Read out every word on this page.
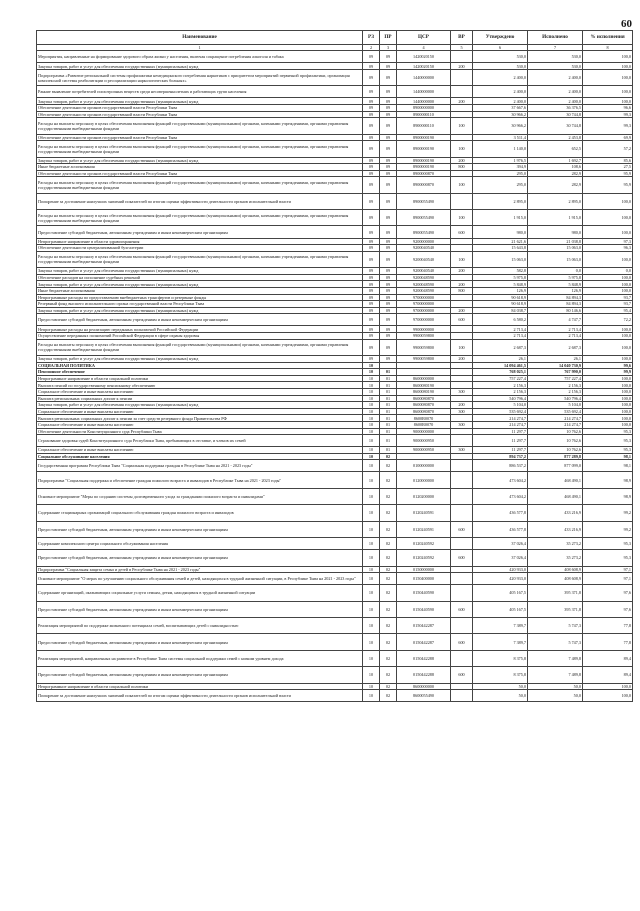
60
Наименование	РЗ	ПР	ЦСР	ВР	Утверждено	Исполнено	% исполнения
1	2	3	4	5	6	7	8
Мероприятия, направленные на формирование здорового образа жизни у населения, включая сокращение потребления алкоголя и табака	09	09	1420020150		530,0	530,0	100,0
Закупка товаров, работ и услуг для обеспечения государственных (муниципальных) нужд	09	09	1420020150	200	530,0	530,0	100,0
Подпрограмма «Развитие региональной системы профилактики немедицинского потребления наркотиков с приоритетом мероприятий первичной профилактики, организация комплексной системы реабилитации и ресоциализации наркологических больных»	09	09	1440000000		2 400,0	2 400,0	100,0
Ранние выявление потребителей психотропных веществ среди несовершеннолетних и работающих групп населения	09	09	1440000000		2 400,0	2 400,0	100,0
Закупка товаров, работ и услуг для обеспечения государственных (муниципальных) нужд	09	09	1440000000	200	2 400,0	2 400,0	100,0
Обеспечение деятельности органов государственной власти Республики Тыва	09	09	8900000000		37 667,6	36 376,5	96,6
Обеспечение деятельности органов государственной власти Республики Тыва	09	09	8900000110		30 966,2	30 744,8	99,3
Расходы на выплаты персоналу в целях обеспечения выполнения функций государственными (муниципальными) органами, казенными учреждениями, органами управления государственными внебюджетными фондами	09	09	8900000110	100	30 966,2	30 744,8	99,3
Обеспечение деятельности органов государственной власти Республики Тыва	09	09	8900000190		3 511,4	2 453,8	69,9
Расходы на выплаты персоналу в целях обеспечения выполнения функций государственными (муниципальными) органами, казенными учреждениями, органами управления государственными внебюджетными фондами	09	09	8900000190	100	1 140,0	652,5	57,2
Закупка товаров, работ и услуг для обеспечения государственных (муниципальных) нужд	09	09	8900000190	200	1 976,5	1 692,7	85,6
Иные бюджетные ассигнования	09	09	8900000190	800	394,9	108,6	27,5
Обеспечение деятельности органов государственной власти Республики Тыва	09	09	8900000870		295,0	282,9	95,9
Расходы на выплаты персоналу в целях обеспечения выполнения функций государственными (муниципальными) органами, казенными учреждениями, органами управления государственными внебюджетными фондами	09	09	8900000870	100	295,0	282,9	95,9
Поощрение за достижение наилучших значений показателей по итогам оценки эффективности деятельности органов исполнительной власти	09	09	8900055490		2 895,0	2 895,0	100,0
Расходы на выплаты персоналу в целях обеспечения выполнения функций государственными (муниципальными) органами, казенными учреждениями, органами управления государственными внебюджетными фондами	09	09	8900055490	100	1 915,0	1 915,0	100,0
Предоставление субсидий бюджетным, автономным учреждениям и иным некоммерческим организациям	09	09	8900055490	600	980,0	980,0	100,0
Непрограммное направление в области здравоохранения	09	09	9200000000		21 621,6	21 038,8	97,3
Обеспечение деятельности централизованной бухгалтерии	09	09	9200040540		15 643,8	15 063,0	96,3
Расходы на выплаты персоналу в целях обеспечения выполнения функций государственными (муниципальными) органами, казенными учреждениями, органами управления государственными внебюджетными фондами	09	09	9200040540	100	15 063,0	15 063,0	100,0
Закупка товаров, работ и услуг для обеспечения государственных (муниципальных) нужд	09	09	9200040540	200	582,8	0,0	0,0
Обеспечение расходов на исполнение судебных решений	09	09	9200048590		5 975,8	5 975,8	100,0
Закупка товаров, работ и услуг для обеспечения государственных (муниципальных) нужд	09	09	9200048590	200	5 848,9	5 848,9	100,0
Иные бюджетные ассигнования	09	09	9200048590	800	126,9	126,9	100,0
Непрограммные расходы по предоставлению внебюджетных трансфертов и резервные фонды	09	09	9700000000		90 618,9	84 894,3	93,7
Резервный фонд высшего исполнительного органа государственной власти Республики Тыва	09	09	9700000000		90 618,9	84 894,3	93,7
Закупка товаров, работ и услуг для обеспечения государственных (муниципальных) нужд	09	09	9700000000	200	84 038,7	80 146,6	95,4
Предоставление субсидий бюджетным, автономным учреждениям и иным некоммерческим организациям	09	09	9700000000	600	6 580,2	4 747,7	72,2
Непрограммные расходы на реализацию переданных полномочий Российской Федерации	09	09	9900000000		2 713,4	2 713,4	100,0
Осуществление переданных полномочий Российской Федерации в сфере охраны здоровья	09	09	9900059800		2 713,4	2 713,4	100,0
Расходы на выплаты персоналу в целях обеспечения выполнения функций государственными (муниципальными) органами, казенными учреждениями, органами управления государственными внебюджетными фондами	09	09	9900059800	100	2 687,3	2 687,3	100,0
Закупка товаров, работ и услуг для обеспечения государственных (муниципальных) нужд	09	09	9900059800	200	26,1	26,1	100,0
СОЦИАЛЬНАЯ ПОЛИТИКА	10				14 094 461,5	14 040 730,9	99,6
Пенсионное обеспечение	10	01			768 025,1	767 990,0	99,9
Непрограммное направление в области социальной политики	10	01	8600000000		757 227,4	757 227,4	100,0
Выплата пенсий по государственному пенсионному обеспечению	10	01	8600080190		2 156,3	2 156,3	100,0
Социальное обеспечение и иные выплаты населению	10	01	8600080190	300	2 156,3	2 156,3	100,0
Выплата региональных социальных доплат к пенсии	10	01	8600080870		540 796,4	540 796,4	100,0
Закупка товаров, работ и услуг для обеспечения государственных (муниципальных) нужд	10	01	8600080870	200	5 104,0	5 104,0	100,0
Социальное обеспечение и иные выплаты населению	10	01	8600080870	300	535 692,4	535 692,4	100,0
Выплата региональных социальных доплат к пенсии за счет средств резервного фонда Правительства РФ	10	01	8600R0070		214 274,7	214 274,7	100,0
Социальное обеспечение и иные выплаты населению	10	01	8600R0070	300	214 274,7	214 274,7	100,0
Обеспечение деятельности Конституционного суда Республики Тыва	10	01	9000000000		11 297,7	10 762,6	95,3
Страхование здоровья судей Конституционного суда Республики Тыва, пребывающих в отставке, и членов их семей	10	01	9000000950		11 297,7	10 762,6	95,3
Социальное обеспечение и иные выплаты населению	10	01	9000000950	300	11 297,7	10 762,6	95,3
Социальное обслуживание населения	10	02			894 737,2	877 289,8	98,1
Государственная программа Республики Тыва "Социальная поддержка граждан в Республике Тыва на 2021 - 2023 годы"	10	02	0100000000		886 537,2	877 099,0	98,1
Подпрограмма "Социальная поддержка и обеспечение граждан пожилого возраста и инвалидов в Республике Тыва на 2021 - 2023 годы"	10	02	0120000000		473 604,2	468 490,1	98,9
Основное мероприятие "Меры по созданию системы долговременного ухода за гражданами пожилого возраста и инвалидами"	10	02	0120200000		473 604,2	468 490,1	98,9
Содержание стационарных организаций социального обслуживания граждан пожилого возраста и инвалидов	10	02	0120240591		436 577,8	433 216,9	99,2
Предоставление субсидий бюджетным, автономным учреждениям и иным некоммерческим организациям	10	02	0120240591	600	436 577,8	433 216,9	99,2
Содержание комплексного центра социального обслуживания населения	10	02	0120240592		37 026,4	35 273,2	95,3
Предоставление субсидий бюджетным, автономным учреждениям и иным некоммерческим организациям	10	02	0120240592	600	37 026,4	35 273,2	95,3
Подпрограмма "Социальная защита семьи и детей в Республике Тыва на 2021 - 2023 годы"	10	02	0150000000		420 933,0	408 608,9	97,1
Основное мероприятие "О мерах по улучшению социального обслуживания семей и детей, находящихся в трудной жизненной ситуации, в Республике Тыва на 2021 - 2023 годы"	10	02	0150400000		420 933,0	408 608,9	97,1
Содержание организаций, оказывающих социальные услуги семьям, детям, находящимся в трудной жизненной ситуации	10	02	0150440590		405 167,5	395 371,8	97,6
Предоставление субсидий бюджетным, автономным учреждениям и иным некоммерческим организациям	10	02	0150440590	600	405 167,5	395 371,8	97,6
Реализация мероприятий по поддержке жизненного потенциала семей, воспитывающих детей с инвалидностью	10	02	0150442287		7 389,7	5 747,3	77,8
Предоставление субсидий бюджетным, автономным учреждениям и иным некоммерческим организациям	10	02	0150442287	600	7 389,7	5 747,3	77,8
Реализация мероприятий, направленных на развитие в Республике Тыва системы социальной поддержки семей с низким уровнем дохода	10	02	0150442288		8 375,8	7 489,8	89,4
Предоставление субсидий бюджетным, автономным учреждениям и иным некоммерческим организациям	10	02	0150442288	600	8 375,8	7 489,8	89,4
Непрограммное направление в области социальной политики	10	02	8600000000		50,0	50,0	100,0
Поощрение за достижение наилучших значений показателей по итогам оценки эффективности деятельности органов исполнительной власти	10	02	8600055490		50,0	50,0	100,0
